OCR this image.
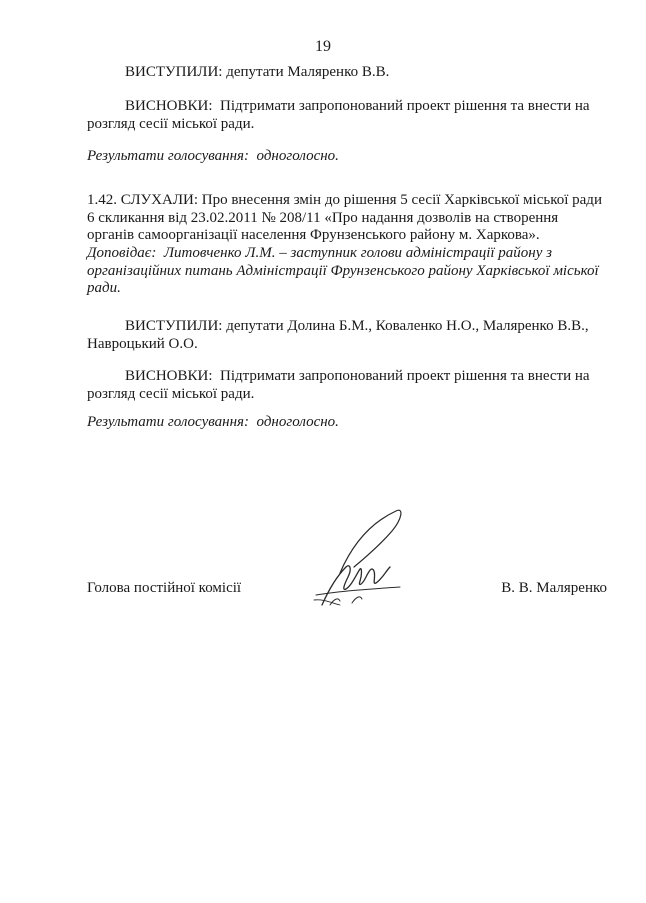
19
ВИСТУПИЛИ: депутати Маляренко В.В.
ВИСНОВКИ: Підтримати запропонований проект рішення та внести на
розгляд сесії міської ради.
Результати голосування: одноголосно.
1.42. СЛУХАЛИ: Про внесення змін до рішення 5 сесії Харківської міської ради
6 скликання від 23.02.2011 № 208/11 «Про надання дозволів на створення
органів самоорганізації населення Фрунзенського району м. Харкова».
Доповідає: Литовченко Л.М. – заступник голови адміністрації району з
організаційних питань Адміністрації Фрунзенського району Харківської міської
ради.
ВИСТУПИЛИ: депутати Долина Б.М., Коваленко Н.О., Маляренко В.В.,
Навроцький О.О.
ВИСНОВКИ: Підтримати запропонований проект рішення та внести на
розгляд сесії міської ради.
Результати голосування: одноголосно.
Голова постійної комісії	В. В. Маляренко
